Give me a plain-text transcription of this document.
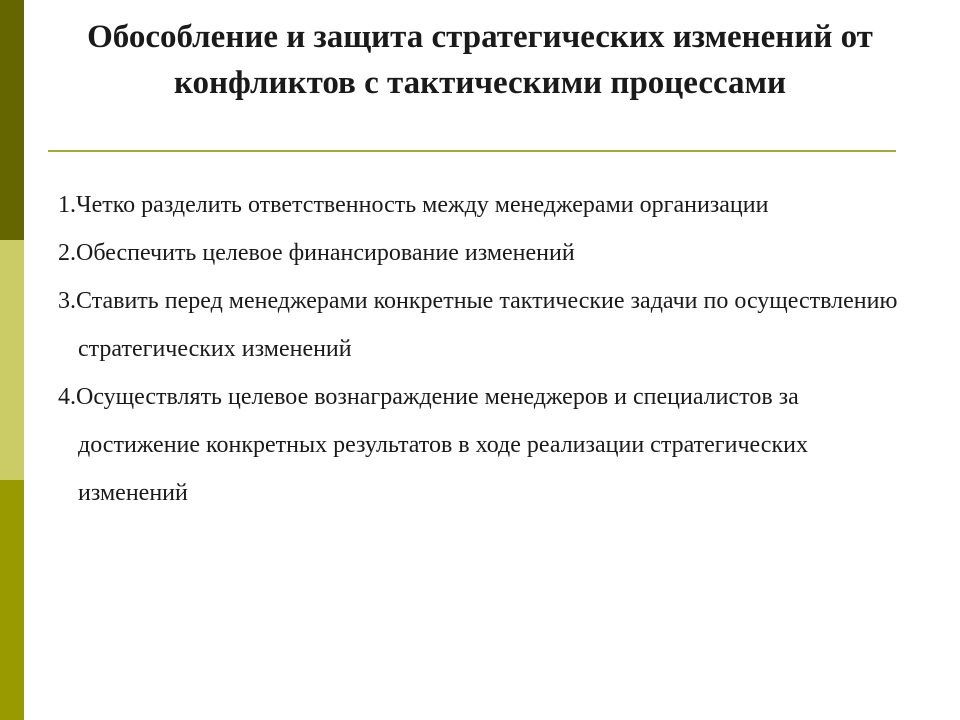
Обособление и защита стратегических изменений от конфликтов с тактическими процессами
1.Четко разделить ответственность между менеджерами организации
2.Обеспечить целевое финансирование изменений
3.Ставить перед менеджерами конкретные тактические задачи по осуществлению стратегических изменений
4.Осуществлять целевое вознаграждение менеджеров и специалистов за достижение конкретных результатов в ходе реализации стратегических изменений
